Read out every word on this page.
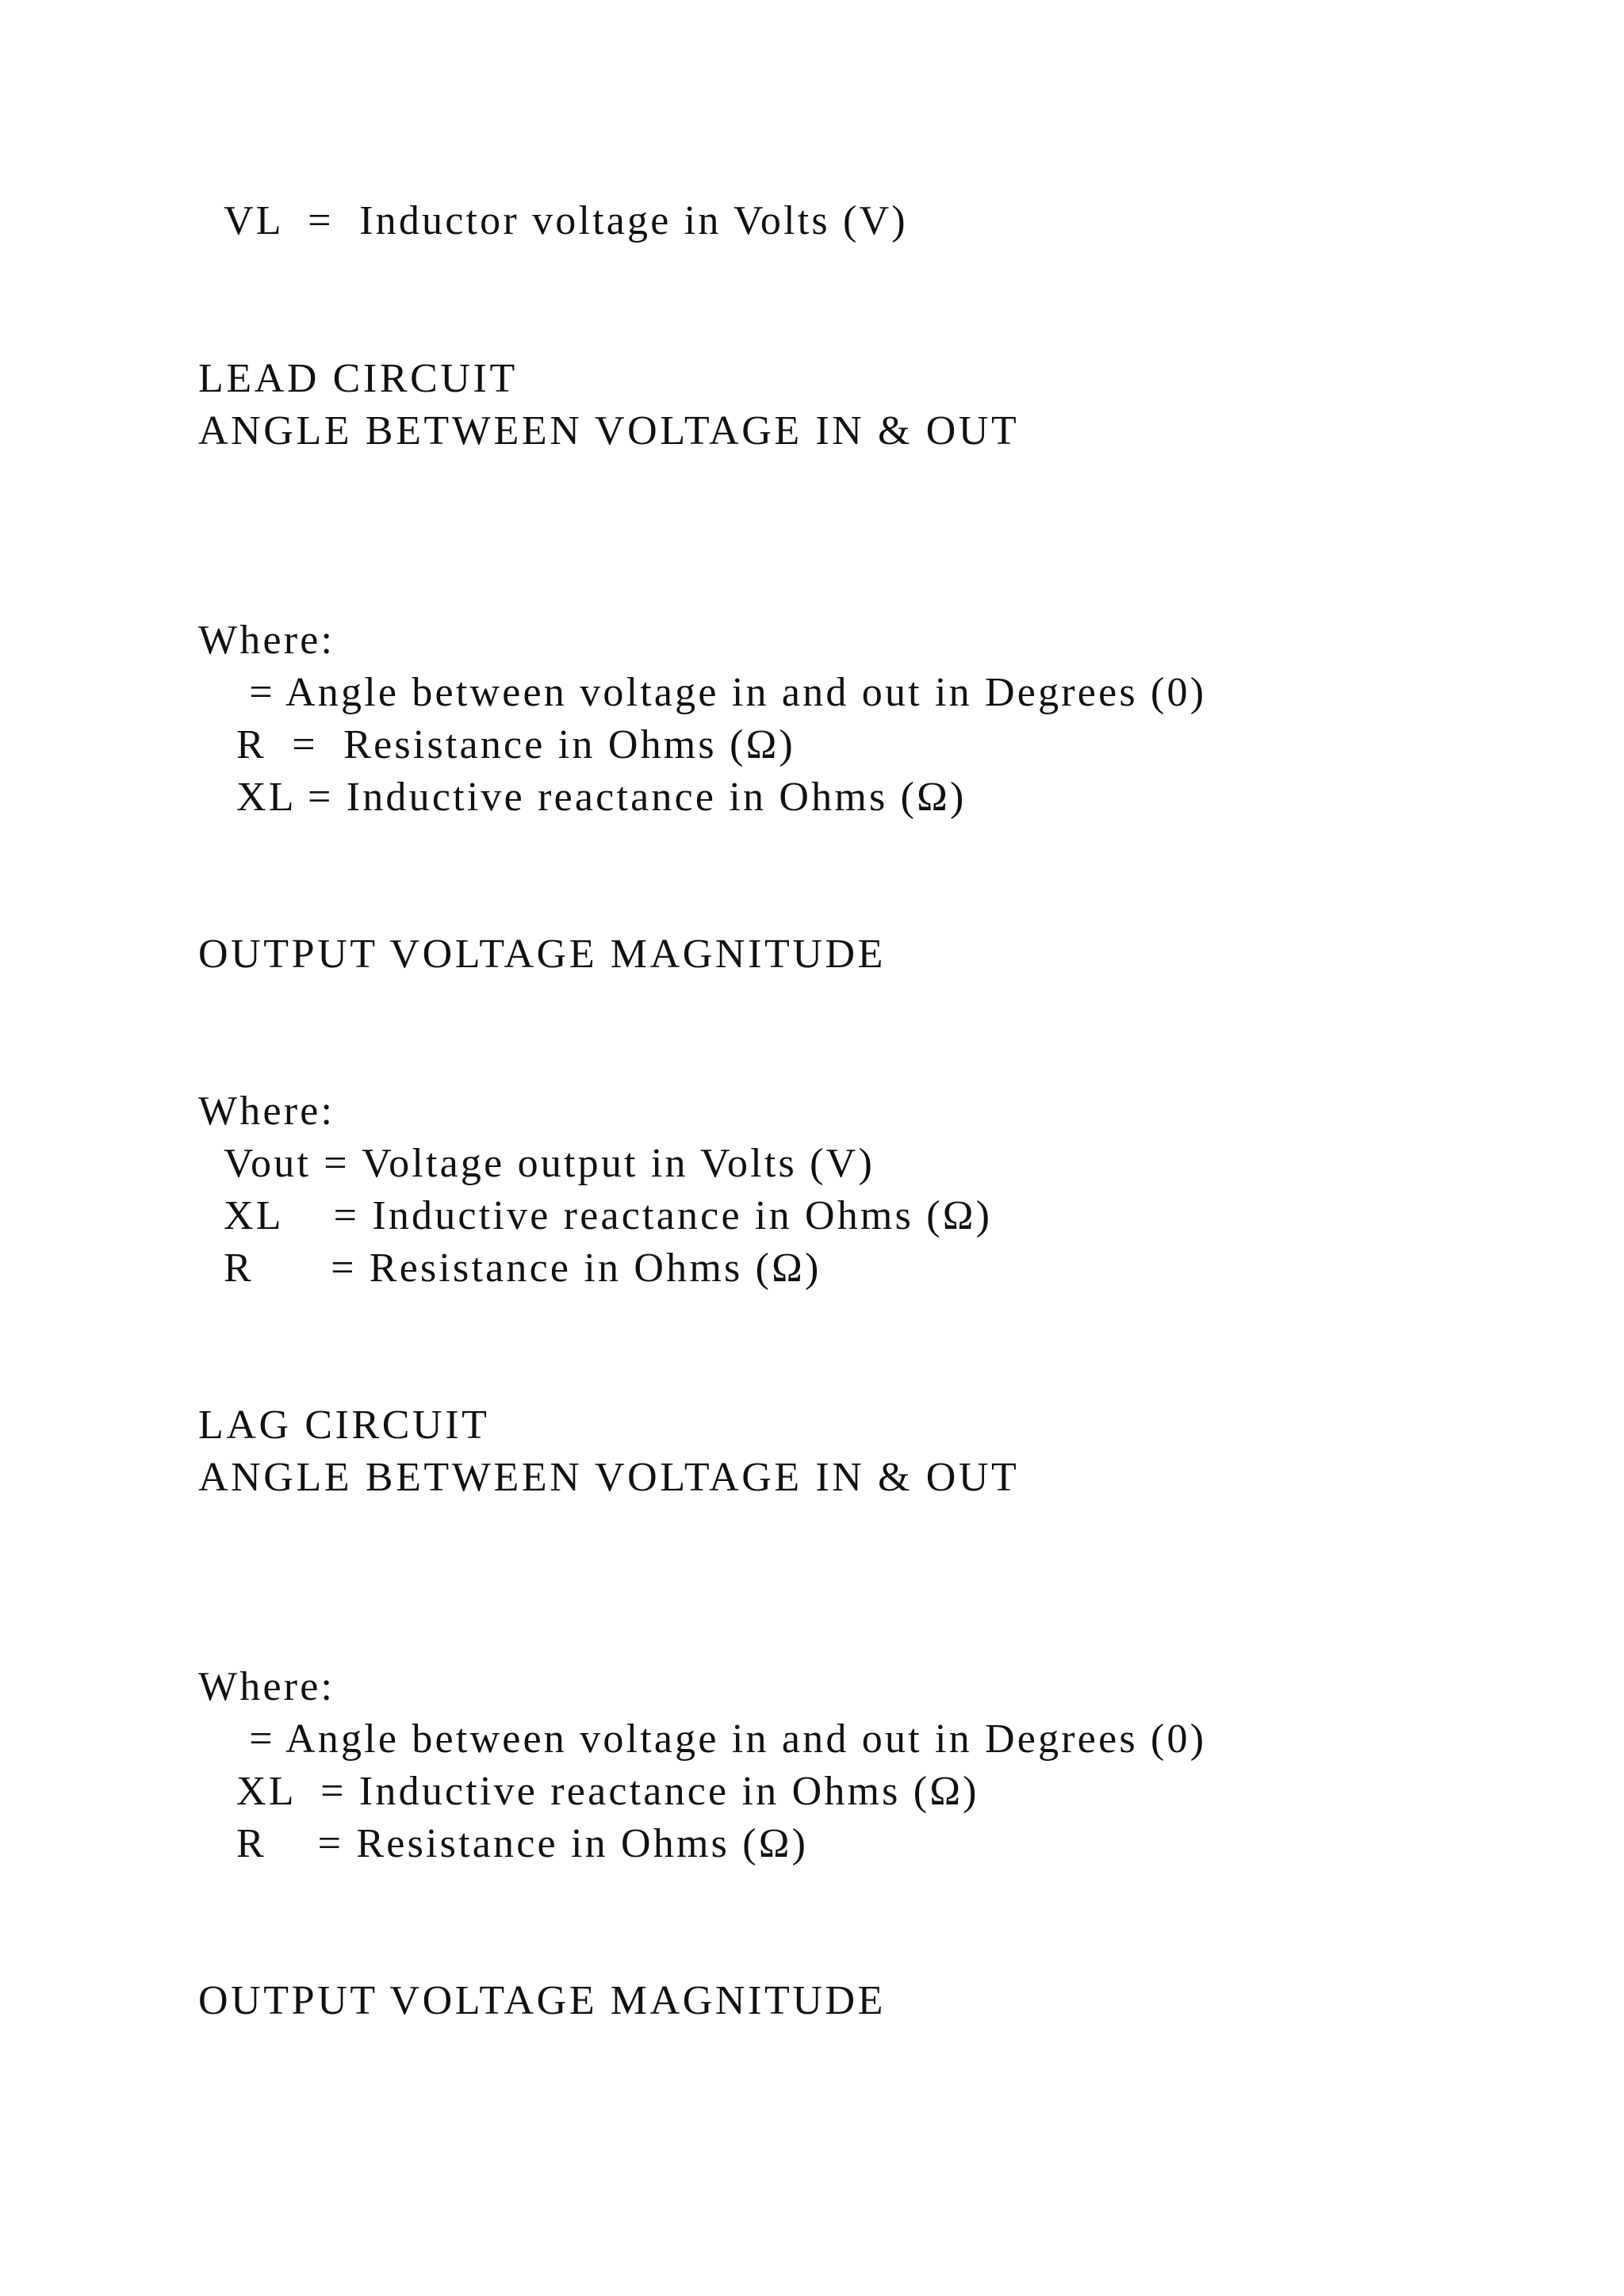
VL  =  Inductor voltage in Volts (V)

LEAD CIRCUIT

ANGLE BETWEEN VOLTAGE IN & OUT

Where:

= Angle between voltage in and out in Degrees (0)

R  =  Resistance in Ohms (Ω)

XL = Inductive reactance in Ohms (Ω)

OUTPUT VOLTAGE MAGNITUDE

Where:

Vout = Voltage output in Volts (V)

XL    = Inductive reactance in Ohms (Ω)

R      = Resistance in Ohms (Ω)

LAG CIRCUIT

ANGLE BETWEEN VOLTAGE IN & OUT

Where:

= Angle between voltage in and out in Degrees (0)

XL  = Inductive reactance in Ohms (Ω)

R    = Resistance in Ohms (Ω)

OUTPUT VOLTAGE MAGNITUDE
